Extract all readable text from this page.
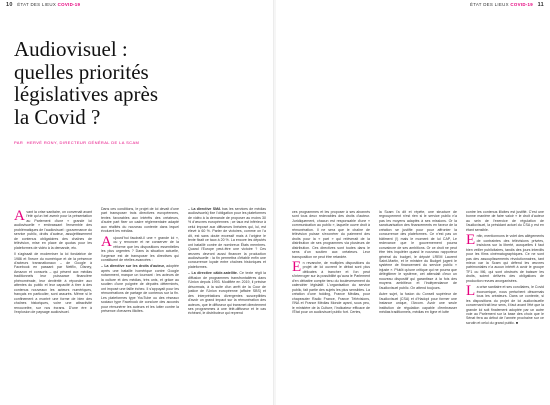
10 ÉTAT DES LIEUX COVID-19
Audiovisuel : quelles priorités législatives après la Covid ?
PAR HERVÉ RONY, DIRECTEUR GÉNÉRAL DE LA SCAM

Avant la crise sanitaire, on convenait avant l'été qu'un bel avenir pour la présentation au Parlement d'une « grande loi audiovisuelle » embrassant l'ensemble des problématiques de l'audiovisuel : gouvernance du service public, droits d'auteur, assujettissement de contenus obligatoires des chaînes de télévision, mise en place de quotas pour les plateformes de vidéo à la demande, etc.

Il s'agissait de moderniser la loi fondatrice de 1986 et l'heure du numérique et de la présence d'acteurs transnationaux – de Google à Facebook en passant par Netflix, Disney, Amazon et consorts – qui pèsent aux médias traditionnels leur puissance financière phénoménale, leur dextérité à répondre aux attentes du public et leur capacité à tirer à des contenus nouveaux les acteurs numériques, français en particulier, sont assurés. Même si le confinement a montré une forme de bien des chaînes historiques, voire une attractivité renouvelée, sur nos écrans. D'une ère à l'explosion de paysage audiovisuel.

Dans ces conditions, le projet de loi devait d'une part transposer trois directives européennes, textes favorables aux intérêts des créateurs, d'autre part fixer un cadre réglementaire adapté aux réalités du nouveau contexte dans lequel évoluent les médias.

Aujourd'hui faudrait-il une « grande loi », ou y renoncer et ne conserver de la réforme que les dispositions essentielles les plus urgentes ? Dans la situation actuelle, l'urgence est de transposer les directives qui constituent de réelles avancées :

– La directive sur les droits d'auteur, adoptée après une bataille homérique contre Google notamment, marque un tournant : les acteurs de la culture et des médias, très unis, et grâce au soutien d'une poignée de députés déterminés, ont imposé une faille échec. Il s'appuyait pour les rémunérations de partage de contenus sur la fin. Les plateformes type YouTube ou des réseaux sociaux type Facebook de conclure des accords pour rémunérer les auteurs et les lutter contre la présence d'œuvres illicites.

– La directive SMA bas les services de médias audiovisuels) fixe l'obligation pour les plateformes de vidéo à la demande de proposer au moins 30 % d'œuvres européennes ; ce taux est inférieur à celui imposé aux diffuseurs linéaires qui, lui, est élevé à 60 %. Parler de victoires, comme on l'a dit, est sans doute excessif mais à l'origine le texte fixait ce taux à 20 %. La encore les députés ont bataillé contre de nombreux États membres. Quand l'Europe peut-être une victoire ? Ces œuvres devront aussi financer la production audiovisuelle : la fin permettra d'établir enfin une concurrence loyale entre chaînes historiques et plateformes.

– La directive câble-satellite. Ce texte régit la diffusion de programmes transfrontalières dans l'Union depuis 1993. Modifiée en 2019, il précise désormais, à la suite d'un arrêt de la Cour de justice de l'Union européenne (affaire SBS) et des interprétations divergentes susceptibles d'avoir un grand impact sur la rémunération des auteurs, que le diffuseur qui transmet directement ses programmes à une télé-diffuseur et le cas échéant, le distributeur qui reprend

ÉTAT DES LIEUX COVID-19 11

ces programmes et les proposer à ses abonnés sont tous deux redevables des droits d'auteur. Juridiquement, chacun est responsable d'une « communication au public », laquelle ouvre droit à rémunération. Il ne sera que le chaîne de télévision puisse s'exonérer du paiement des droits pour la « part » qui relèverait de la distribution de ses programmes via plusieurs de distribution. Ces directives sont toutes dans le sens d'un soutien aux créateurs. Leur transposition ne peut être retardée.

En revanche, de multiples dispositions du projet de loi ouvrent le débat sont plus délicates à trancher et l'on peut s'interroger sur la possibilité qu'aura le Parlement d'en débattre compte tenu du bouleversement du calendrier législatif. L'organisation du service public, fait partie des sujets les plus sensibles. La création d'une holding, France Médias, pour chapeauter Radio France, France Télévisions, l'INA et France Médias Monde ayant, sous peu, le ministère de la Culture, l'indicateur efficace de l'État pour un audiovisuel public fort. Certes,

la Scam l'a dit et répète, une structure de regroupement n'est rien si le service public n'a pas les moyens adaptés à ses missions. Or la sanctuarisation des financements en faveur de la création se justifie pour pour affronter la concurrence des plateformes. Ce n'est pas un bâtiment (!) mais le moment de lui CAP, Le redevance que le gouvernement pourra convaincre de ses ambitions. Or ce droit ne peut être très inquiéter quand le nouveau rapporteur général du budget, le député LREM Laurent Saint-Martin, et le ministre du Budget jugent le système de financement du service public « injuste ». Plutôt qu'une critique qui ne pourra que délégitimer le système, cet attendait d'eux un nouveau dispositif qui garantisse à la fois des moyens ambitieux et l'indépendance de l'audiovisuel public. On attend toujours.

Autre sujet, la fusion du Conseil supérieur de l'audiovisuel (CSA) et d'Hadopi pour former une instance unique, l'Arcom. Avoir une seule institution de régulation capable d'embrasser médias traditionnels, médias en ligne et lutte

contre les contenus illicites est justifié. C'est une bonne manière de faire valoir « le droit d'auteur au sein de l'exercice de régulation de l'audiovisuel, la présidant actuel du CSA y est en étant sensible.

Enfin, mentionnons le volet des allègements de contraintes des télévisions privées, insistons sur la liberté, auxquelles il faut bien veiller publicitaires, tandis des jours interdits pour les films cinématographiques. Ce ne sont pas des assouplissements révolutionnaires, tant mieux car la Scam qui défend les œuvres patrimoniales n'a aucun intérêt à avoir le groupe TF1 ou M6, qui sont obstrués de baisser les droits, soient délivrés des obligations de production revues anorganisées.

La crise sanitaire et ses corollaires, le Covid économique, nous perturbent désormais tous les créateurs. Dans ce contexte, si les dispositions du projet de loi audiovisuelle concernant trait leur sens, il faut avant l'été que la grande loi soit finalement adoptée par un autre voie au Parlement sur la base des choix que le Sénat fera au début de l'année prochaine sur ce scrutin et celui du grand public. ■
